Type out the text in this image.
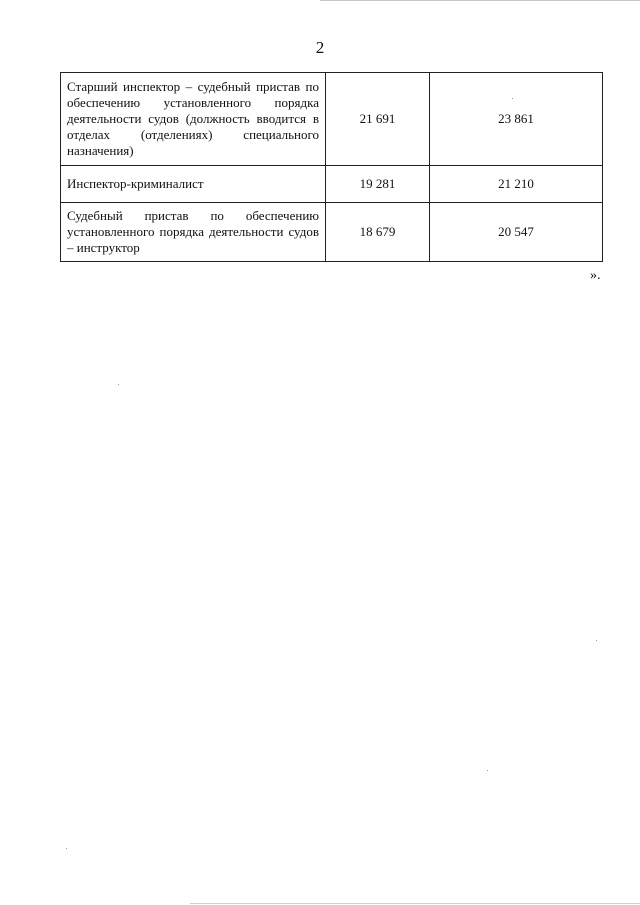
2
Старший инспектор – судебный пристав по обеспечению установленного порядка деятельности судов (должность вводится в отделах (отделениях) специального назначения)	21 691	23 861
Инспектор-криминалист	19 281	21 210
Судебный пристав по обеспечению установленного порядка деятельности судов – инструктор	18 679	20 547
».
